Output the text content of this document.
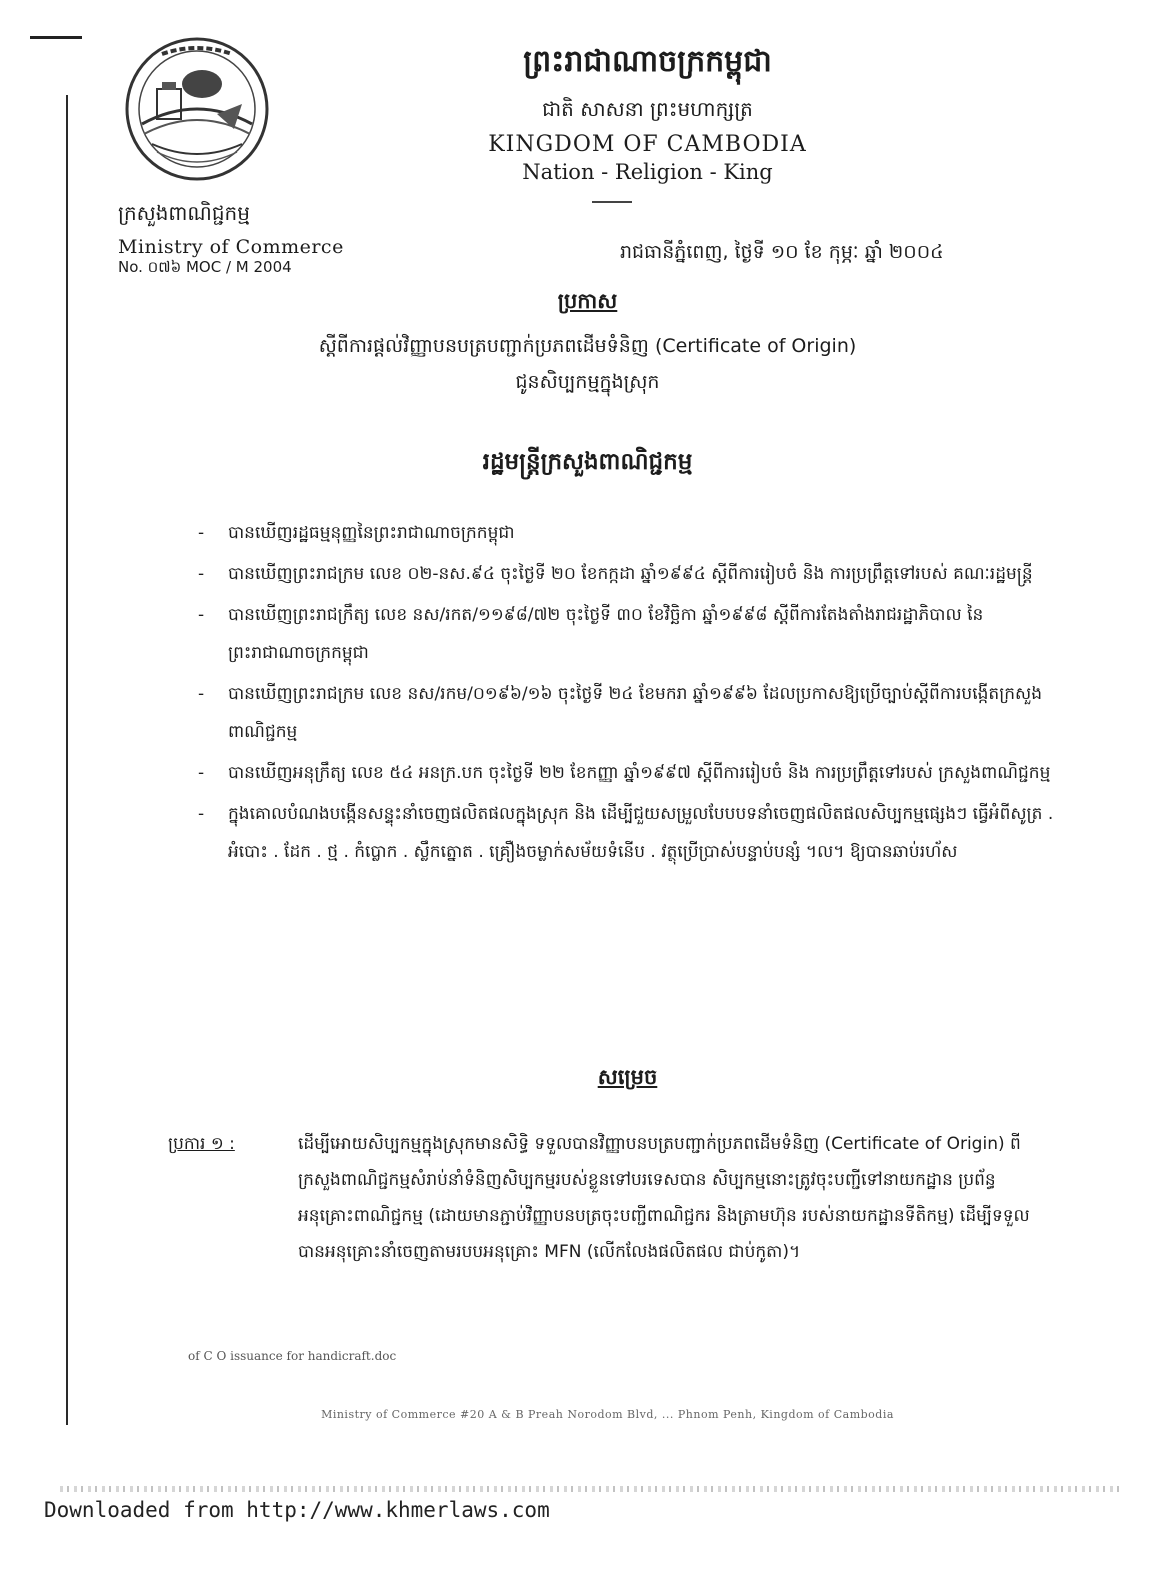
ព្រះរាជាណាចក្រកម្ពុជា
ជាតិ សាសនា ព្រះមហាក្សត្រ
KINGDOM OF CAMBODIA
Nation - Religion - King
ក្រសួងពាណិជ្ជកម្ម
Ministry of Commerce
No. ០៧៦ MOC / M 2004
រាជធានីភ្នំពេញ, ថ្ងៃទី ១០ ខែ កុម្ភៈ ឆ្នាំ ២០០៤
ប្រកាស
ស្ដីពីការផ្ដល់វិញ្ញាបនបត្របញ្ជាក់ប្រភពដើមទំនិញ (Certificate of Origin)
ជូនសិប្បកម្មក្នុងស្រុក
រដ្ឋមន្ត្រីក្រសួងពាណិជ្ជកម្ម
- បានឃើញរដ្ឋធម្មនុញ្ញនៃព្រះរាជាណាចក្រកម្ពុជា
- បានឃើញព្រះរាជក្រម លេខ ០២-នស.៩៤ ចុះថ្ងៃទី ២០ ខែកក្កដា ឆ្នាំ១៩៩៤ ស្ដីពីការរៀបចំ និង ការប្រព្រឹត្តទៅរបស់ គណៈរដ្ឋមន្ត្រី
- បានឃើញព្រះរាជក្រឹត្យ លេខ នស/រកត/១១៩៨/៧២ ចុះថ្ងៃទី ៣០ ខែវិច្ឆិកា ឆ្នាំ១៩៩៨ ស្ដីពីការតែងតាំងរាជរដ្ឋាភិបាល នៃព្រះរាជាណាចក្រកម្ពុជា
- បានឃើញព្រះរាជក្រម លេខ នស/រកម/០១៩៦/១៦ ចុះថ្ងៃទី ២៤ ខែមករា ឆ្នាំ១៩៩៦ ដែលប្រកាសឱ្យប្រើច្បាប់ស្ដីពីការបង្កើតក្រសួងពាណិជ្ជកម្ម
- បានឃើញអនុក្រឹត្យ លេខ ៥៤ អនក្រ.បក ចុះថ្ងៃទី ២២ ខែកញ្ញា ឆ្នាំ១៩៩៧ ស្ដីពីការរៀបចំ និង ការប្រព្រឹត្តទៅរបស់ ក្រសួងពាណិជ្ជកម្ម
- ក្នុងគោលបំណងបង្កើនសន្ទុះនាំចេញផលិតផលក្នុងស្រុក និង ដើម្បីជួយសម្រួលបែបបទនាំចេញផលិតផលសិប្បកម្មផ្សេងៗ ធ្វើអំពីសូត្រ . អំបោះ . ដែក . ថ្ម . កំប្លោក . ស្លឹកត្នោត . គ្រឿងចម្លាក់សម័យទំនើប . វត្ថុប្រើប្រាស់បន្ទាប់បន្សំ ។ល។ ឱ្យបានឆាប់រហ័ស
សម្រេច
ប្រការ ១ :	ដើម្បីអោយសិប្បកម្មក្នុងស្រុកមានសិទ្ធិ ទទួលបានវិញ្ញាបនបត្របញ្ជាក់ប្រភពដើមទំនិញ (Certificate of Origin) ពីក្រសួងពាណិជ្ជកម្មសំរាប់នាំទំនិញសិប្បកម្មរបស់ខ្លួនទៅបរទេសបាន សិប្បកម្មនោះត្រូវចុះបញ្ជីទៅនាយកដ្ឋាន ប្រព័ន្ធអនុគ្រោះពាណិជ្ជកម្ម (ដោយមានភ្ជាប់វិញ្ញាបនបត្រចុះបញ្ជីពាណិជ្ជករ និងត្រាមហ៊ុន របស់នាយកដ្ឋានទីតិកម្ម) ដើម្បីទទួលបានអនុគ្រោះនាំចេញតាមរបបអនុគ្រោះ MFN (លើកលែងផលិតផល ជាប់កូតា)។
of C O issuance for handicraft.doc
Ministry of Commerce #20 A & B Preah Norodom Blvd, ... Phnom Penh, Kingdom of Cambodia
Downloaded from http://www.khmerlaws.com
